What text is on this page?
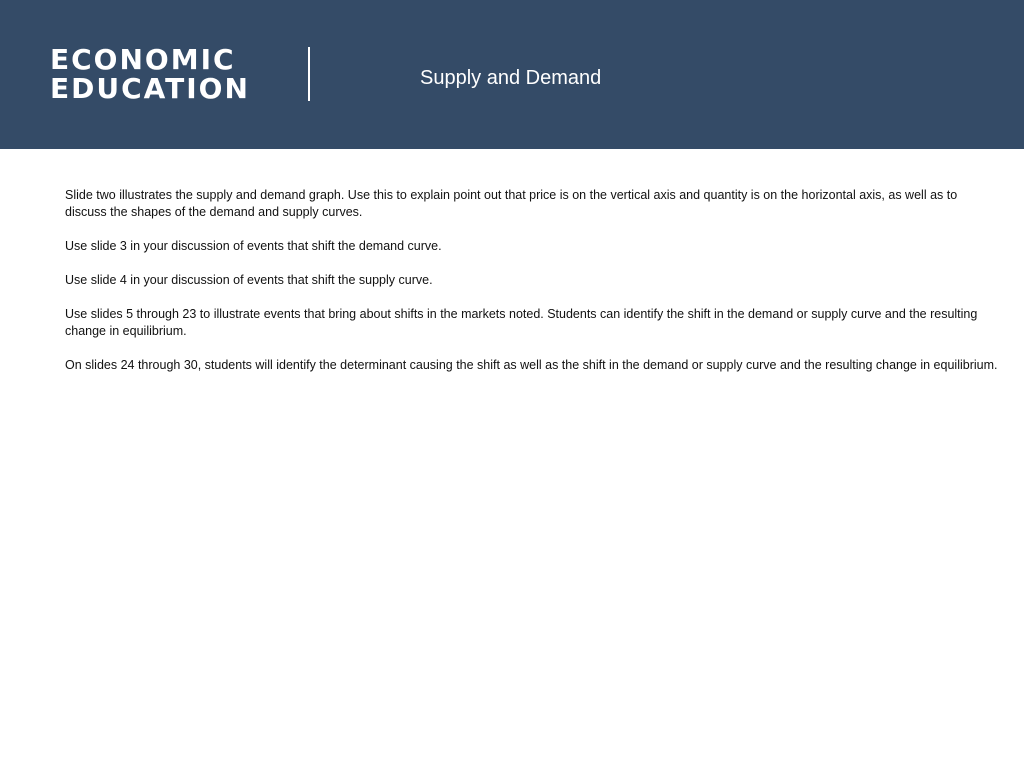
ECONOMIC
EDUCATION	Supply and Demand

Slide two illustrates the supply and demand graph. Use this to explain point out that price is on the vertical axis and quantity is on the horizontal axis, as well as to discuss the shapes of the demand and supply curves.

Use slide 3 in your discussion of events that shift the demand curve.

Use slide 4 in your discussion of events that shift the supply curve.

Use slides 5 through 23 to illustrate events that bring about shifts in the markets noted. Students can identify the shift in the demand or supply curve and the resulting change in equilibrium.

On slides 24 through 30, students will identify the determinant causing the shift as well as the shift in the demand or supply curve and the resulting change in equilibrium.
